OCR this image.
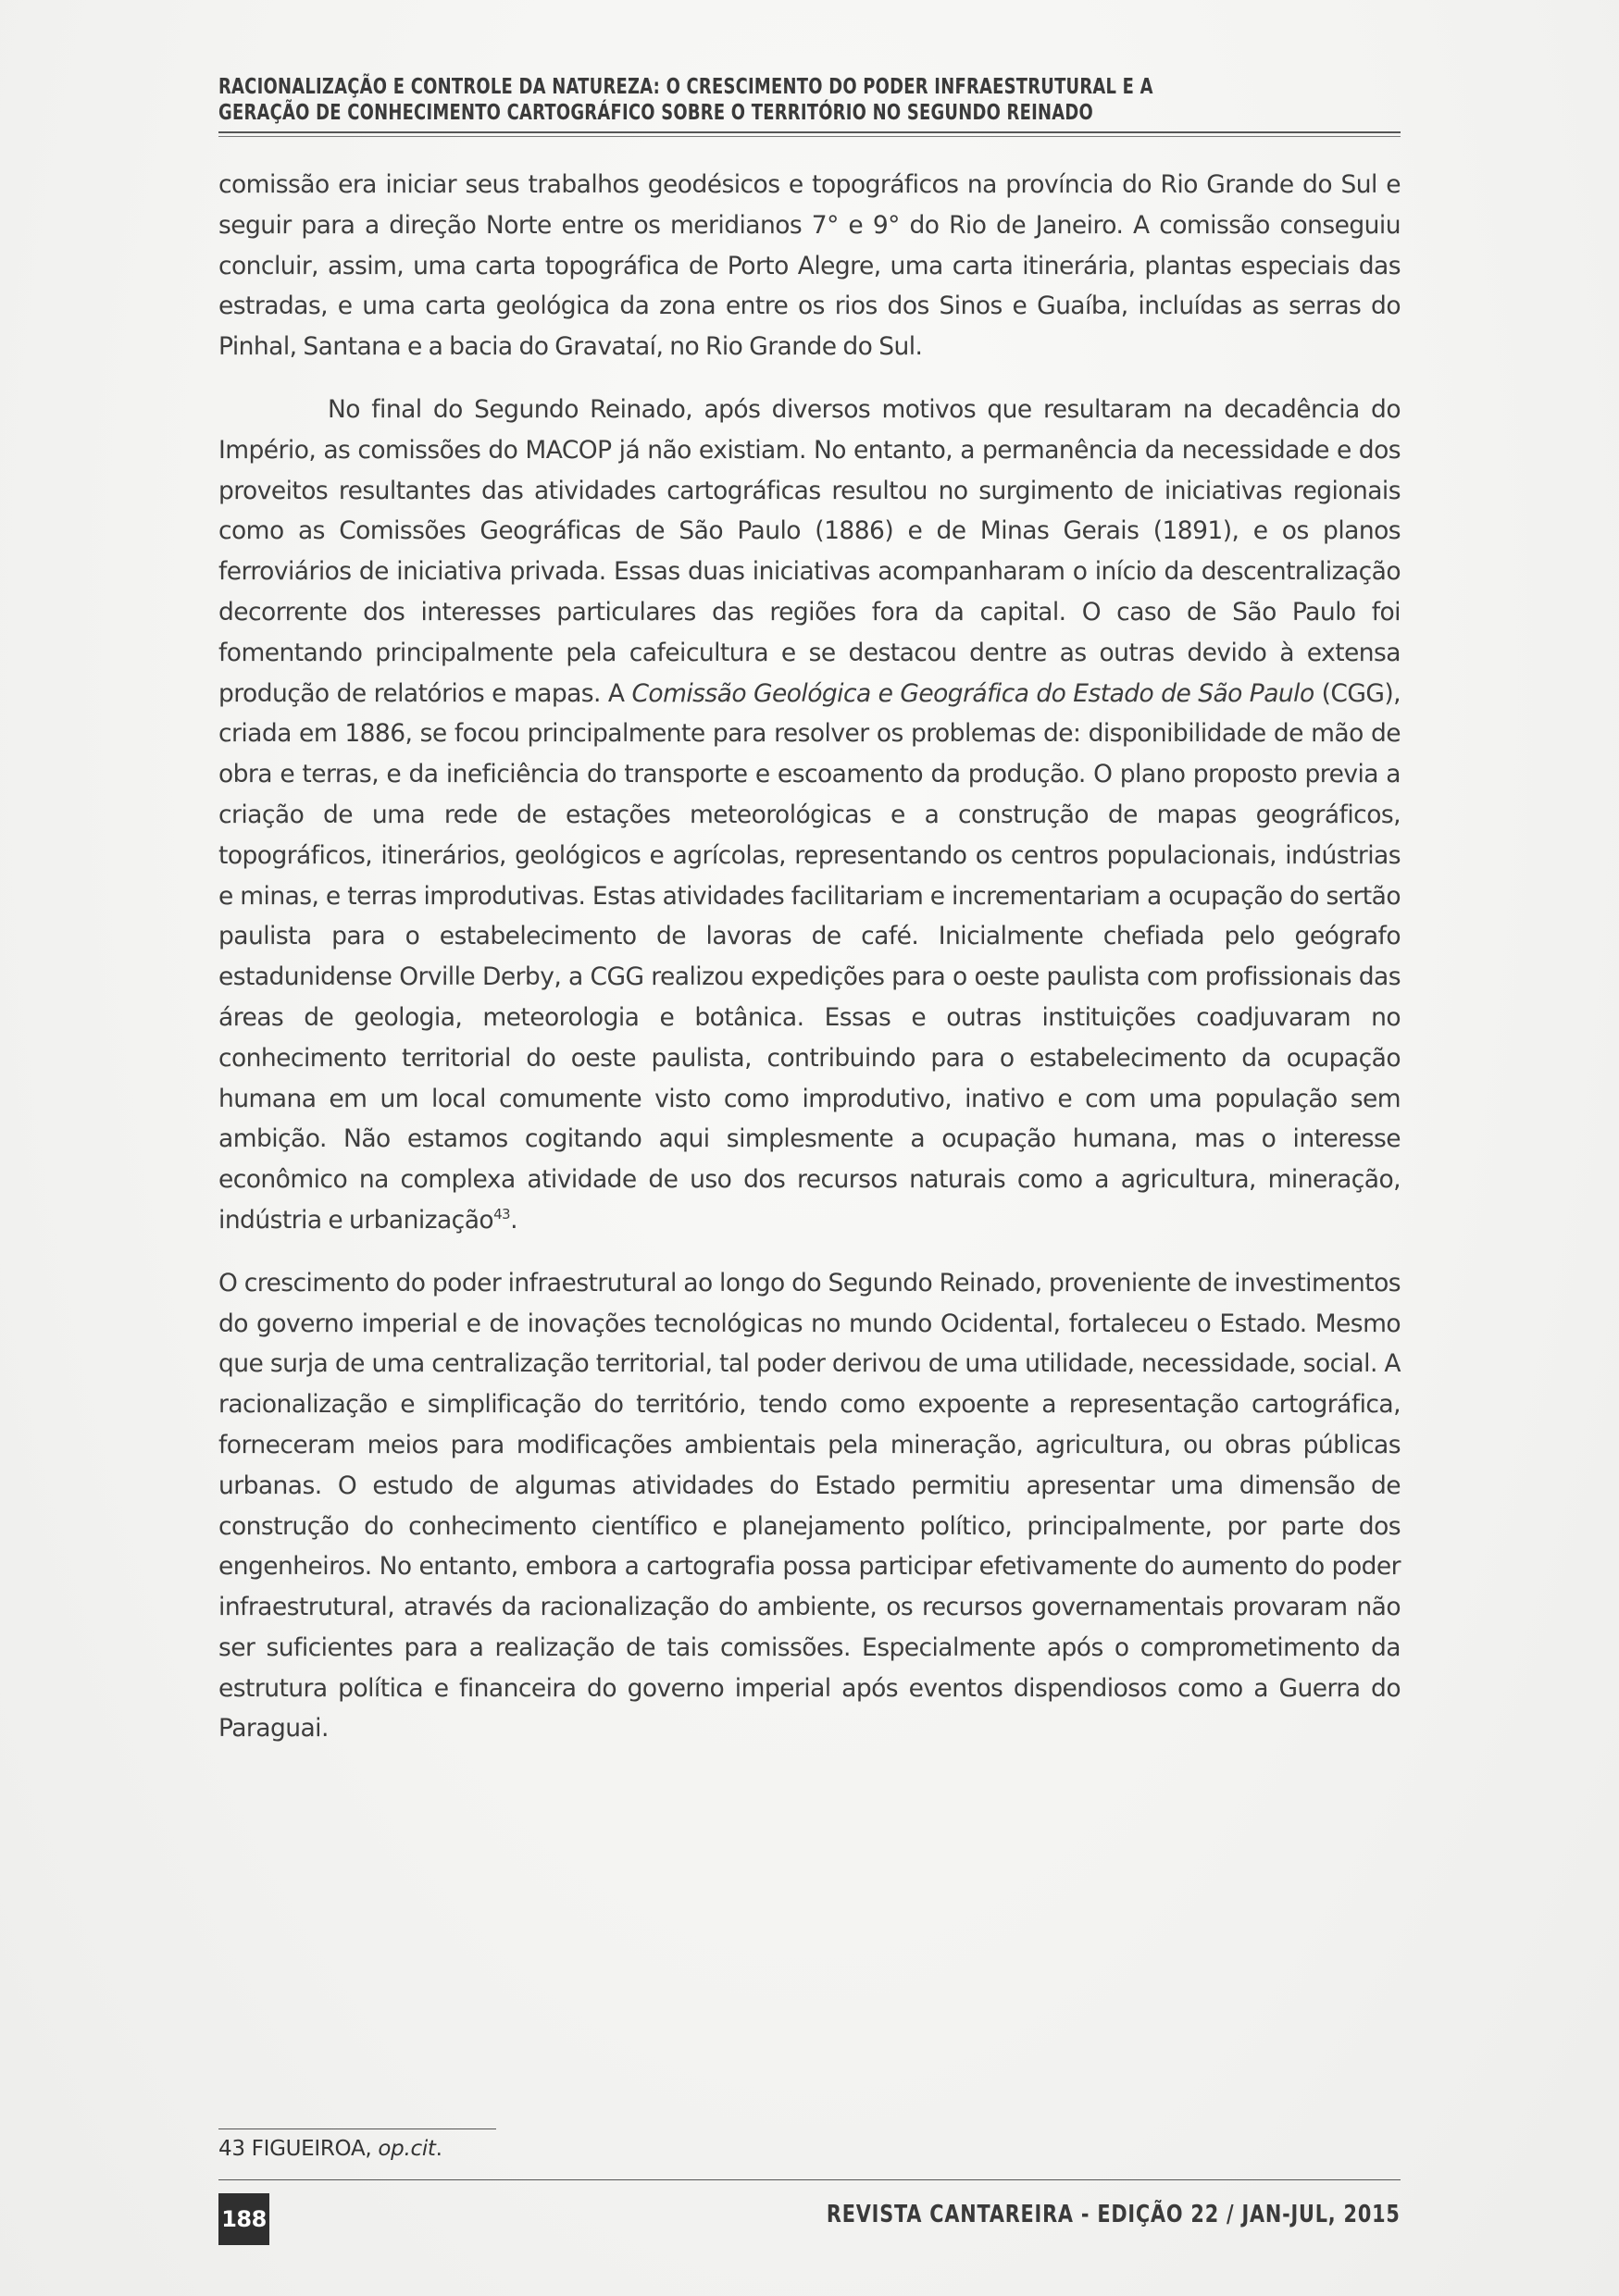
RACIONALIZAÇÃO E CONTROLE DA NATUREZA: O CRESCIMENTO DO PODER INFRAESTRUTURAL E A
GERAÇÃO DE CONHECIMENTO CARTOGRÁFICO SOBRE O TERRITÓRIO NO SEGUNDO REINADO

comissão era iniciar seus trabalhos geodésicos e topográficos na província do Rio Grande do Sul e seguir para a direção Norte entre os meridianos 7° e 9° do Rio de Janeiro. A comissão conseguiu concluir, assim, uma carta topográfica de Porto Alegre, uma carta itinerária, plantas especiais das estradas, e uma carta geológica da zona entre os rios dos Sinos e Guaíba, incluídas as serras do Pinhal, Santana e a bacia do Gravataí, no Rio Grande do Sul.

No final do Segundo Reinado, após diversos motivos que resultaram na decadência do Império, as comissões do MACOP já não existiam. No entanto, a permanência da necessidade e dos proveitos resultantes das atividades cartográficas resultou no surgimento de iniciativas regionais como as Comissões Geográficas de São Paulo (1886) e de Minas Gerais (1891), e os planos ferroviários de iniciativa privada. Essas duas iniciativas acompanharam o início da descentralização decorrente dos interesses particulares das regiões fora da capital. O caso de São Paulo foi fomentando principalmente pela cafeicultura e se destacou dentre as outras devido à extensa produção de relatórios e mapas. A Comissão Geológica e Geográfica do Estado de São Paulo (CGG), criada em 1886, se focou principalmente para resolver os problemas de: disponibilidade de mão de obra e terras, e da ineficiência do transporte e escoamento da produção. O plano proposto previa a criação de uma rede de estações meteorológicas e a construção de mapas geográficos, topográficos, itinerários, geológicos e agrícolas, representando os centros populacionais, indústrias e minas, e terras improdutivas. Estas atividades facilitariam e incrementariam a ocupação do sertão paulista para o estabelecimento de lavoras de café. Inicialmente chefiada pelo geógrafo estadunidense Orville Derby, a CGG realizou expedições para o oeste paulista com profissionais das áreas de geologia, meteorologia e botânica. Essas e outras instituições coadjuvaram no conhecimento territorial do oeste paulista, contribuindo para o estabelecimento da ocupação humana em um local comumente visto como improdutivo, inativo e com uma população sem ambição. Não estamos cogitando aqui simplesmente a ocupação humana, mas o interesse econômico na complexa atividade de uso dos recursos naturais como a agricultura, mineração, indústria e urbanização$^{43}$.

O crescimento do poder infraestrutural ao longo do Segundo Reinado, proveniente de investimentos do governo imperial e de inovações tecnológicas no mundo Ocidental, fortaleceu o Estado. Mesmo que surja de uma centralização territorial, tal poder derivou de uma utilidade, necessidade, social. A racionalização e simplificação do território, tendo como expoente a representação cartográfica, forneceram meios para modificações ambientais pela mineração, agricultura, ou obras públicas urbanas. O estudo de algumas atividades do Estado permitiu apresentar uma dimensão de construção do conhecimento científico e planejamento político, principalmente, por parte dos engenheiros. No entanto, embora a cartografia possa participar efetivamente do aumento do poder infraestrutural, através da racionalização do ambiente, os recursos governamentais provaram não ser suficientes para a realização de tais comissões. Especialmente após o comprometimento da estrutura política e financeira do governo imperial após eventos dispendiosos como a Guerra do Paraguai.

43 FIGUEIROA, op.cit.
188	REVISTA CANTAREIRA - EDIÇÃO 22 / JAN-JUL, 2015
